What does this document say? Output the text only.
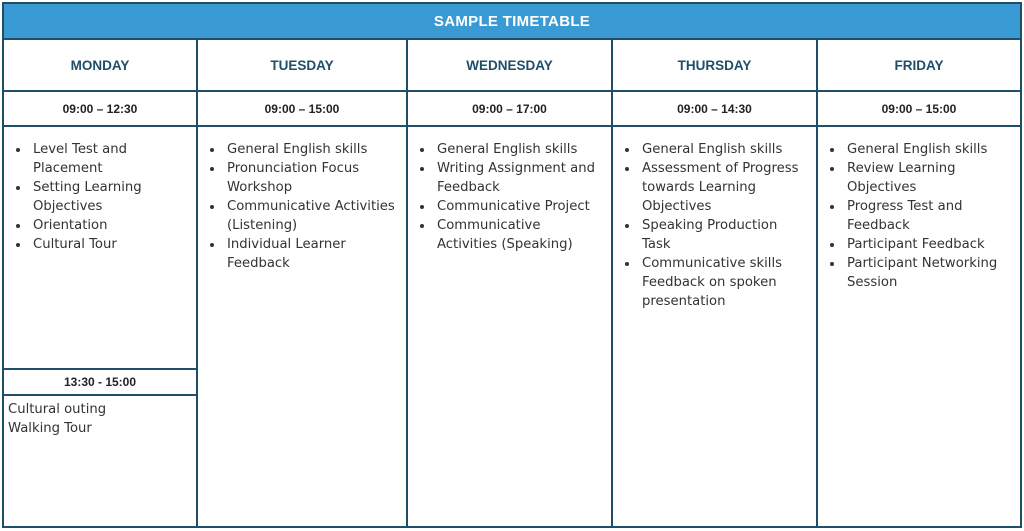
SAMPLE TIMETABLE
MONDAY
09:00 – 12:30
• Level Test and Placement
• Setting Learning Objectives
• Orientation
• Cultural Tour
13:30 - 15:00
Cultural outing
Walking Tour
TUESDAY
09:00 – 15:00
• General English skills
• Pronunciation Focus Workshop
• Communicative Activities (Listening)
• Individual Learner Feedback
WEDNESDAY
09:00 – 17:00
• General English skills
• Writing Assignment and Feedback
• Communicative Project
• Communicative Activities (Speaking)
THURSDAY
09:00 – 14:30
• General English skills
• Assessment of Progress towards Learning Objectives
• Speaking Production Task
• Communicative skills Feedback on spoken presentation
FRIDAY
09:00 – 15:00
• General English skills
• Review Learning Objectives
• Progress Test and Feedback
• Participant Feedback
• Participant Networking Session
